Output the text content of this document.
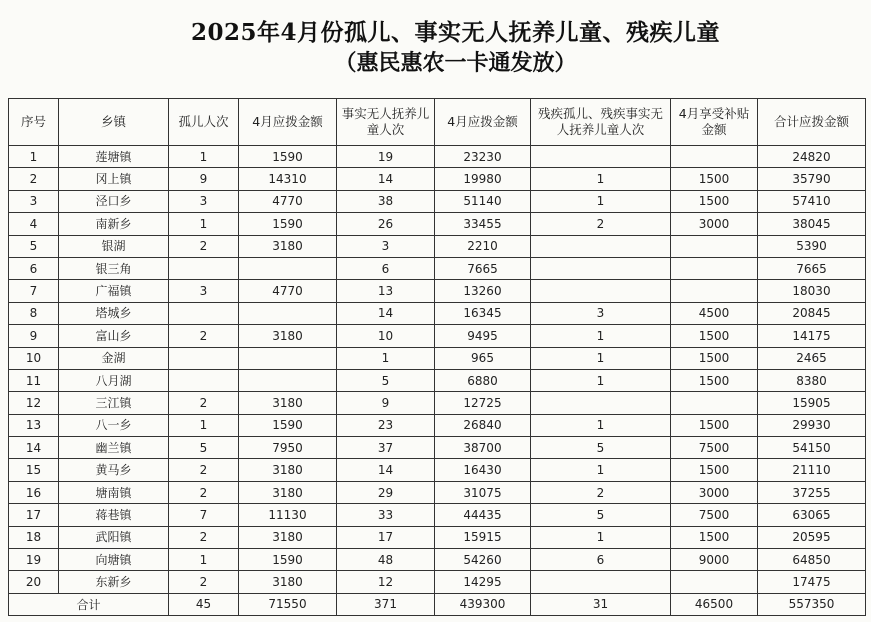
2025年4月份孤儿、事实无人抚养儿童、残疾儿童
（惠民惠农一卡通发放）
序号	乡镇	孤儿人次	4月应拨金额	事实无人抚养儿童人次	4月应拨金额	残疾孤儿、残疾事实无人抚养儿童人次	4月享受补贴金额	合计应拨金额
1	莲塘镇	1	1590	19	23230			24820
2	冈上镇	9	14310	14	19980	1	1500	35790
3	泾口乡	3	4770	38	51140	1	1500	57410
4	南新乡	1	1590	26	33455	2	3000	38045
5	银湖	2	3180	3	2210			5390
6	银三角			6	7665			7665
7	广福镇	3	4770	13	13260			18030
8	塔城乡			14	16345	3	4500	20845
9	富山乡	2	3180	10	9495	1	1500	14175
10	金湖			1	965	1	1500	2465
11	八月湖			5	6880	1	1500	8380
12	三江镇	2	3180	9	12725			15905
13	八一乡	1	1590	23	26840	1	1500	29930
14	幽兰镇	5	7950	37	38700	5	7500	54150
15	黄马乡	2	3180	14	16430	1	1500	21110
16	塘南镇	2	3180	29	31075	2	3000	37255
17	蒋巷镇	7	11130	33	44435	5	7500	63065
18	武阳镇	2	3180	17	15915	1	1500	20595
19	向塘镇	1	1590	48	54260	6	9000	64850
20	东新乡	2	3180	12	14295			17475
合计		45	71550	371	439300	31	46500	557350
